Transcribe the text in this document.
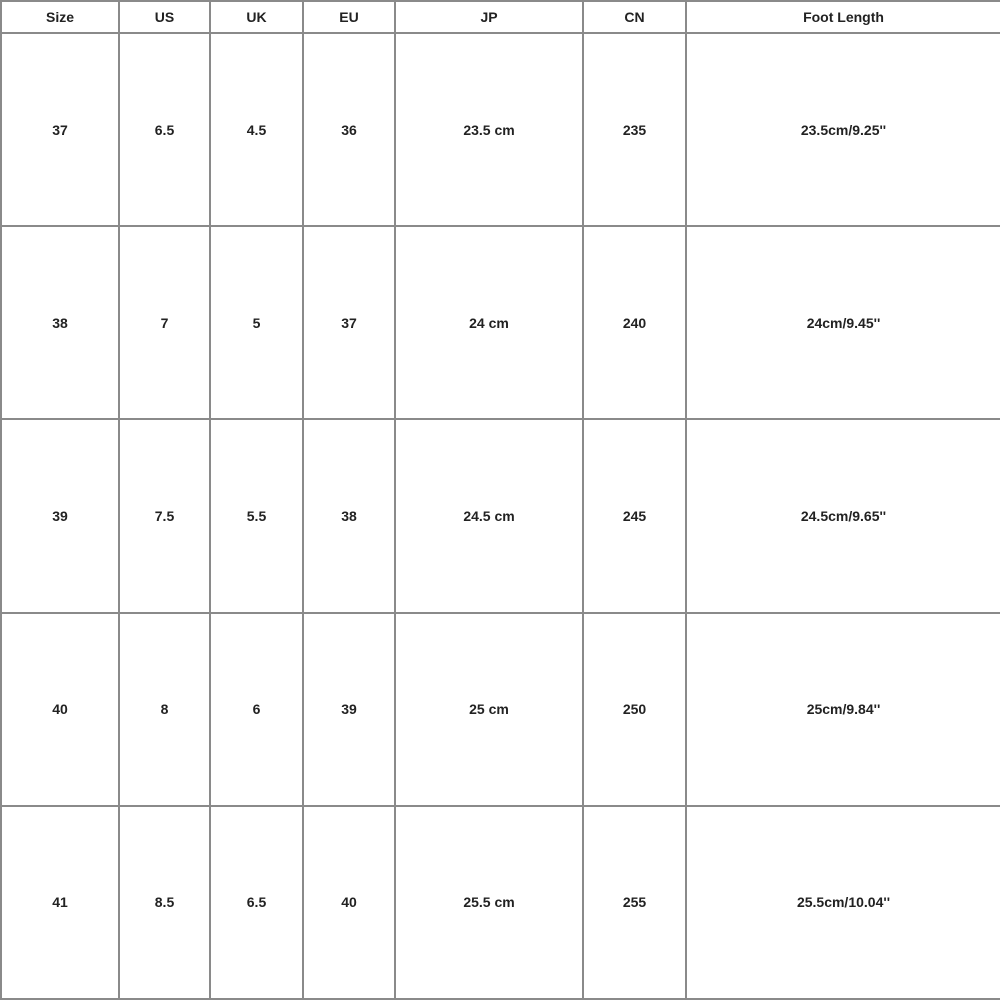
Size	US	UK	EU	JP	CN	Foot Length
37	6.5	4.5	36	23.5 cm	235	23.5cm/9.25''
38	7	5	37	24 cm	240	24cm/9.45''
39	7.5	5.5	38	24.5 cm	245	24.5cm/9.65''
40	8	6	39	25 cm	250	25cm/9.84''
41	8.5	6.5	40	25.5 cm	255	25.5cm/10.04''
